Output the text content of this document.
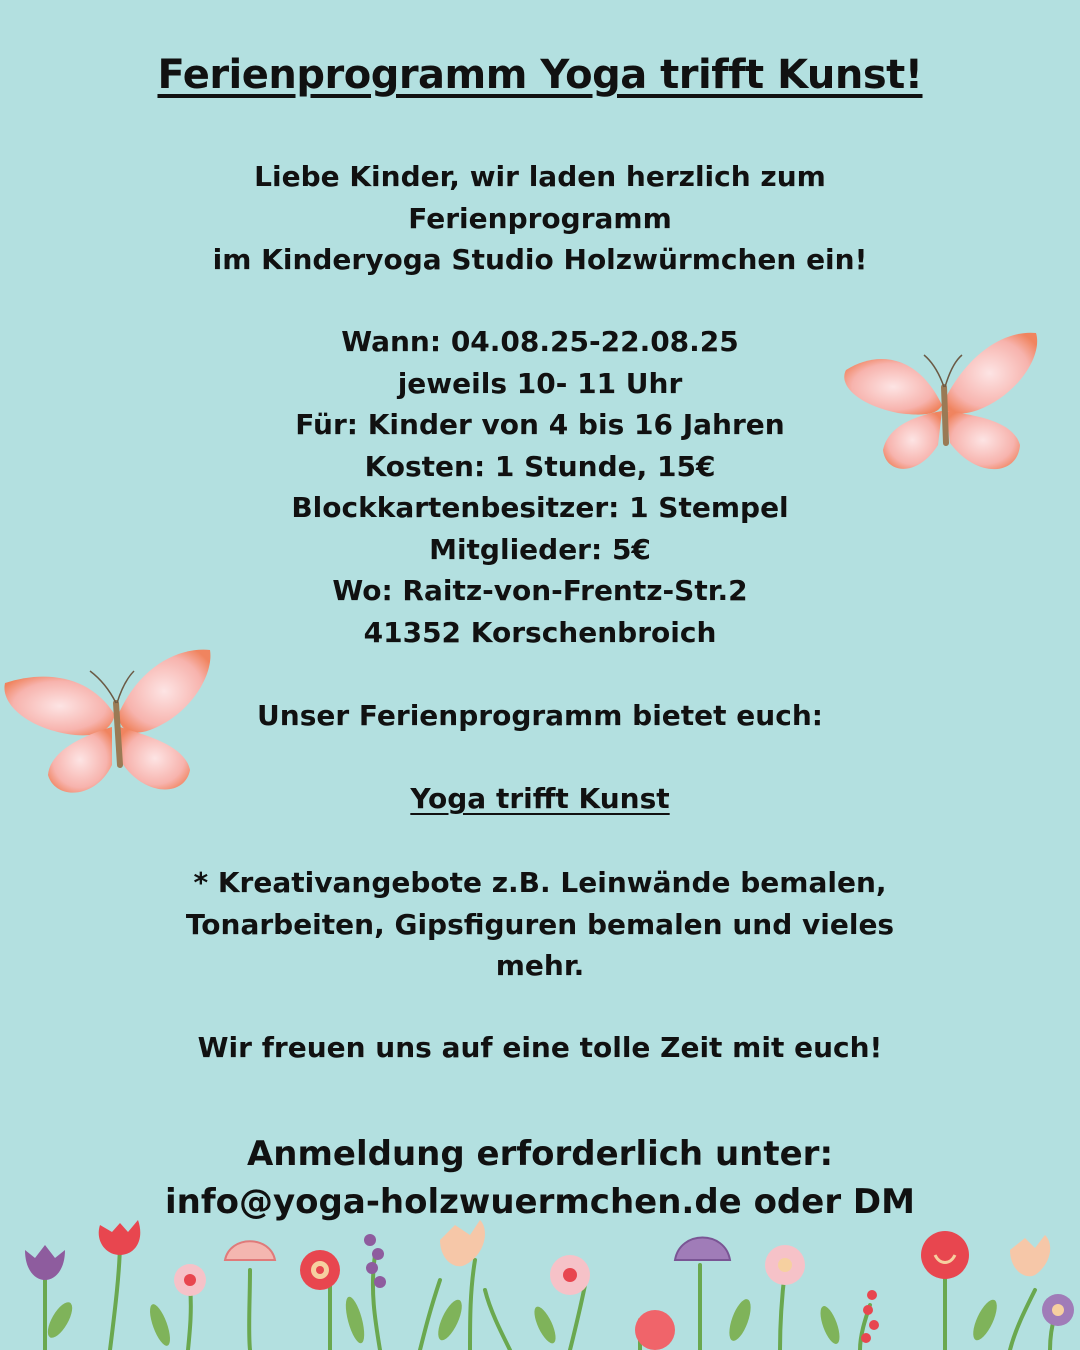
Ferienprogramm Yoga trifft Kunst!
Liebe Kinder, wir laden herzlich zum
Ferienprogramm
im Kinderyoga Studio Holzwürmchen ein!
Wann: 04.08.25-22.08.25
jeweils 10- 11 Uhr
Für: Kinder von 4 bis 16 Jahren
Kosten: 1 Stunde, 15€
Blockkartenbesitzer: 1 Stempel
Mitglieder: 5€
Wo: Raitz-von-Frentz-Str.2
41352 Korschenbroich
Unser Ferienprogramm bietet euch:
Yoga trifft Kunst
* Kreativangebote z.B. Leinwände bemalen,
Tonarbeiten, Gipsfiguren bemalen und vieles
mehr.
Wir freuen uns auf eine tolle Zeit mit euch!
Anmeldung erforderlich unter:
info@yoga-holzwuermchen.de oder DM
